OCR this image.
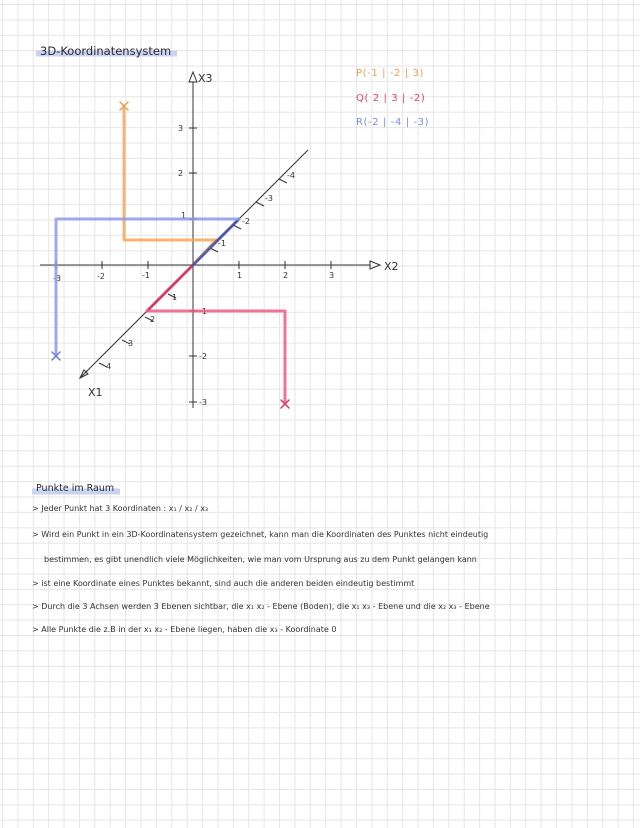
3D-Koordinatensystem
X2
X3
X1
-3	-2	-1	1	2	3
3
2
1
-1
-2
-3
1
2
3
4
-1
-2
-3
-4
P(-1 | -2 | 3)
Q( 2 | 3 | -2)
R(-2 | -4 | -3)
Punkte im Raum
> Jeder Punkt hat 3 Koordinaten : x₁ / x₂ / x₃
> Wird ein Punkt in ein 3D-Koordinatensystem gezeichnet, kann man die Koordinaten des Punktes nicht eindeutig
bestimmen, es gibt unendlich viele Möglichkeiten, wie man vom Ursprung aus zu dem Punkt gelangen kann
> ist eine Koordinate eines Punktes bekannt, sind auch die anderen beiden eindeutig bestimmt
> Durch die 3 Achsen werden 3 Ebenen sichtbar, die x₁ x₂ - Ebene (Boden), die x₁ x₃ - Ebene und die x₂ x₃ - Ebene
> Alle Punkte die z.B in der x₁ x₂ - Ebene liegen, haben die x₃ - Koordinate 0
